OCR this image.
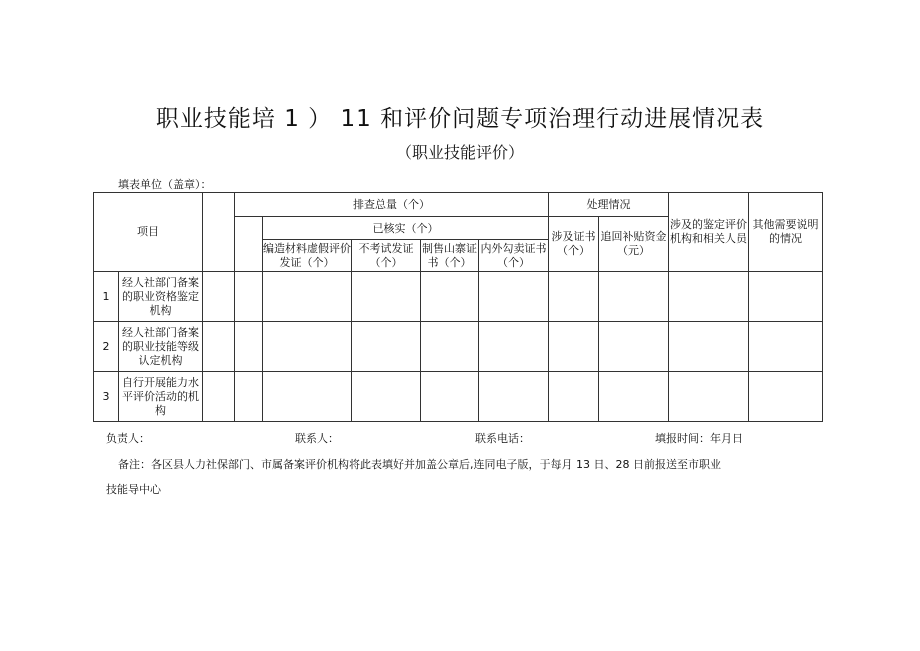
职业技能培 1 ） 11 和评价问题专项治理行动进展情况表
（职业技能评价）
填表单位（盖章）：
项目			排查总量（个）					处理情况		涉及的鉴定评价机构和相关人员	其他需要说明的情况
								涉及证书（个）	追回补贴资金（元）		
				已核实（个）							
				编造材料虚假评价发证（个）	不考试发证（个）	制售山寨证书（个）	内外勾卖证书（个）				
1	经人社部门备案的职业资格鉴定机构										
2	经人社部门备案的职业技能等级认定机构										
3	自行开展能力水平评价活动的机构										
负责人：	联系人：	联系电话：	填报时间：年月日
备注：各区县人力社保部门、市属备案评价机构将此表填好并加盖公章后,连同电子版，于每月 13 日、28 日前报送至市职业
技能导中心
